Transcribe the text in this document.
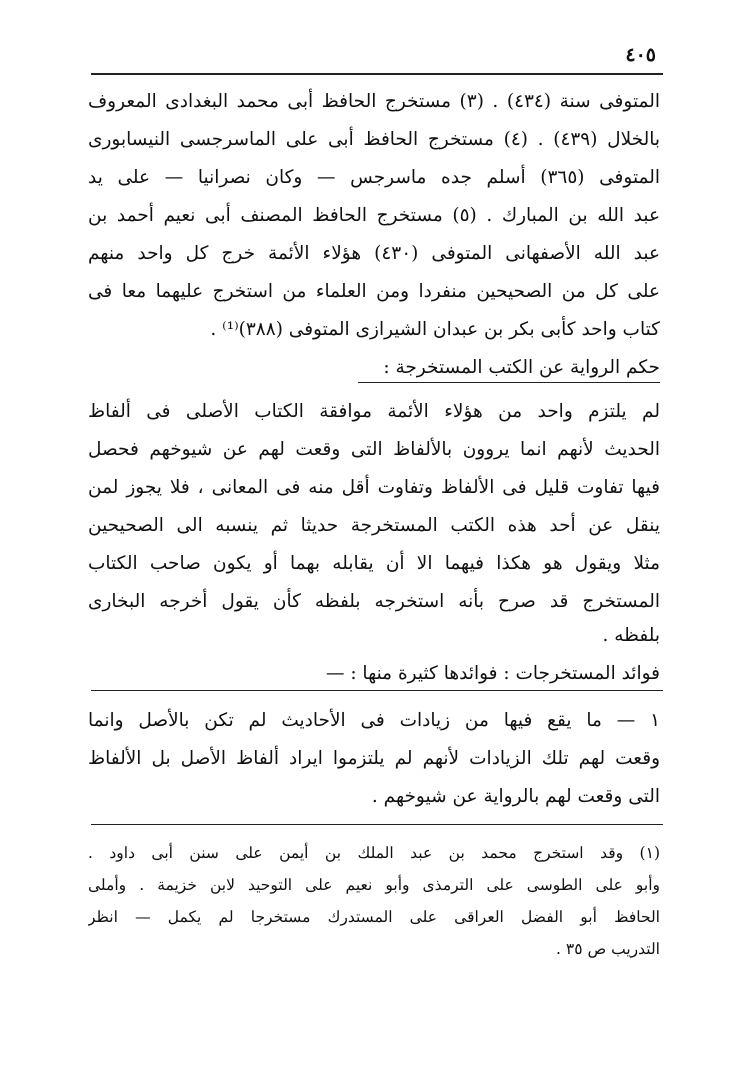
٤٠٥
المتوفى سنة (٤٣٤) . (٣) مستخرج الحافظ أبى محمد البغدادى المعروف
بالخلال (٤٣٩) . (٤) مستخرج الحافظ أبى على الماسرجسى النيسابورى
المتوفى (٣٦٥) أسلم جده ماسرجس — وكان نصرانيا — على يد
عبد الله بن المبارك . (٥) مستخرج الحافظ المصنف أبى نعيم أحمد بن
عبد الله الأصفهانى المتوفى (٤٣٠) هؤلاء الأئمة خرج كل واحد منهم
على كل من الصحيحين منفردا ومن العلماء من استخرج عليهما معا فى
كتاب واحد كأبى بكر بن عبدان الشيرازى المتوفى (٣٨٨)⁽¹⁾ .
حكم الرواية عن الكتب المستخرجة :
لم يلتزم واحد من هؤلاء الأئمة موافقة الكتاب الأصلى فى ألفاظ
الحديث لأنهم انما يروون بالألفاظ التى وقعت لهم عن شيوخهم فحصل
فيها تفاوت قليل فى الألفاظ وتفاوت أقل منه فى المعانى ، فلا يجوز لمن
ينقل عن أحد هذه الكتب المستخرجة حديثا ثم ينسبه الى الصحيحين
مثلا ويقول هو هكذا فيهما الا أن يقابله بهما أو يكون صاحب الكتاب
المستخرج قد صرح بأنه استخرجه بلفظه كأن يقول أخرجه البخارى
بلفظه .
فوائد المستخرجات : فوائدها كثيرة منها : —
١ — ما يقع فيها من زيادات فى الأحاديث لم تكن بالأصل وانما
وقعت لهم تلك الزيادات لأنهم لم يلتزموا ايراد ألفاظ الأصل بل الألفاظ
التى وقعت لهم بالرواية عن شيوخهم .
(١) وقد استخرج محمد بن عبد الملك بن أيمن على سنن أبى داود .
وأبو على الطوسى على الترمذى وأبو نعيم على التوحيد لابن خزيمة . وأملى
الحافظ أبو الفضل العراقى على المستدرك مستخرجا لم يكمل — انظر
التدريب ص ٣٥ .
